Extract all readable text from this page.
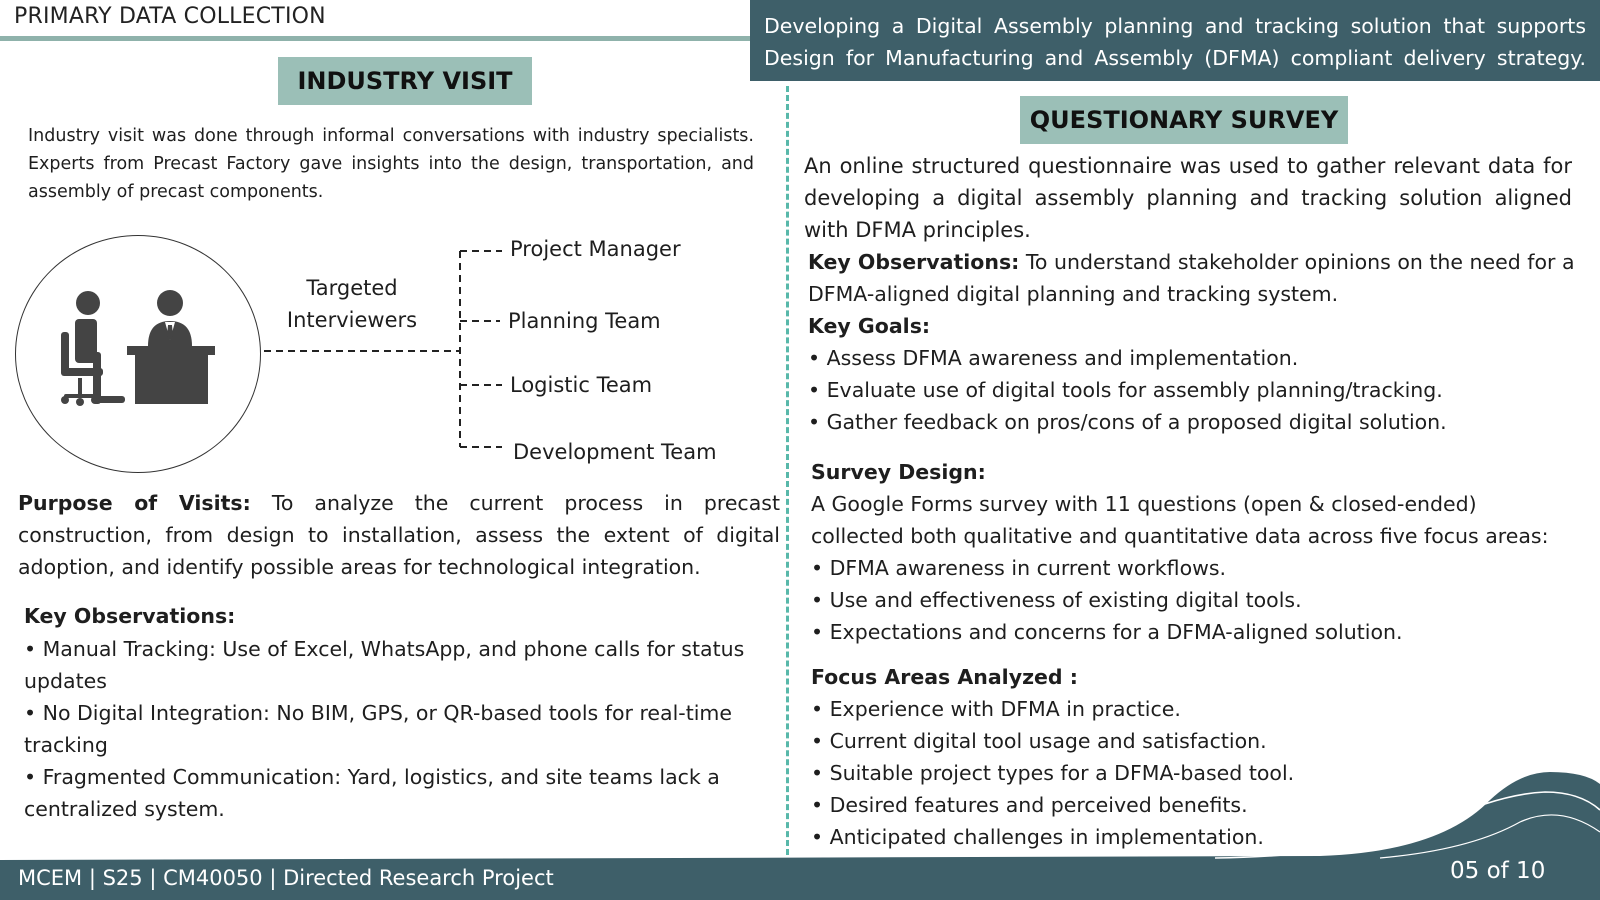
PRIMARY DATA COLLECTION	Developing a Digital Assembly planning and tracking solution that supports Design for Manufacturing and Assembly (DFMA) compliant delivery strategy.
INDUSTRY VISIT
Industry visit was done through informal conversations with industry specialists. Experts from Precast Factory gave insights into the design, transportation, and assembly of precast components.
Targeted
Interviewers
Project Manager
Planning Team
Logistic Team
Development Team
Purpose of Visits: To analyze the current process in precast construction, from design to installation, assess the extent of digital adoption, and identify possible areas for technological integration.
Key Observations:
• Manual Tracking: Use of Excel, WhatsApp, and phone calls for status updates
• No Digital Integration: No BIM, GPS, or QR-based tools for real-time tracking
• Fragmented Communication: Yard, logistics, and site teams lack a centralized system.
QUESTIONARY SURVEY
An online structured questionnaire was used to gather relevant data for developing a digital assembly planning and tracking solution aligned with DFMA principles.
Key Observations: To understand stakeholder opinions on the need for a DFMA-aligned digital planning and tracking system.
Key Goals:
• Assess DFMA awareness and implementation.
• Evaluate use of digital tools for assembly planning/tracking.
• Gather feedback on pros/cons of a proposed digital solution.
Survey Design:
A Google Forms survey with 11 questions (open & closed-ended)
collected both qualitative and quantitative data across five focus areas:
• DFMA awareness in current workflows.
• Use and effectiveness of existing digital tools.
• Expectations and concerns for a DFMA-aligned solution.
Focus Areas Analyzed :
• Experience with DFMA in practice.
• Current digital tool usage and satisfaction.
• Suitable project types for a DFMA-based tool.
• Desired features and perceived benefits.
• Anticipated challenges in implementation.
MCEM | S25 | CM40050 | Directed Research Project	05 of 10
